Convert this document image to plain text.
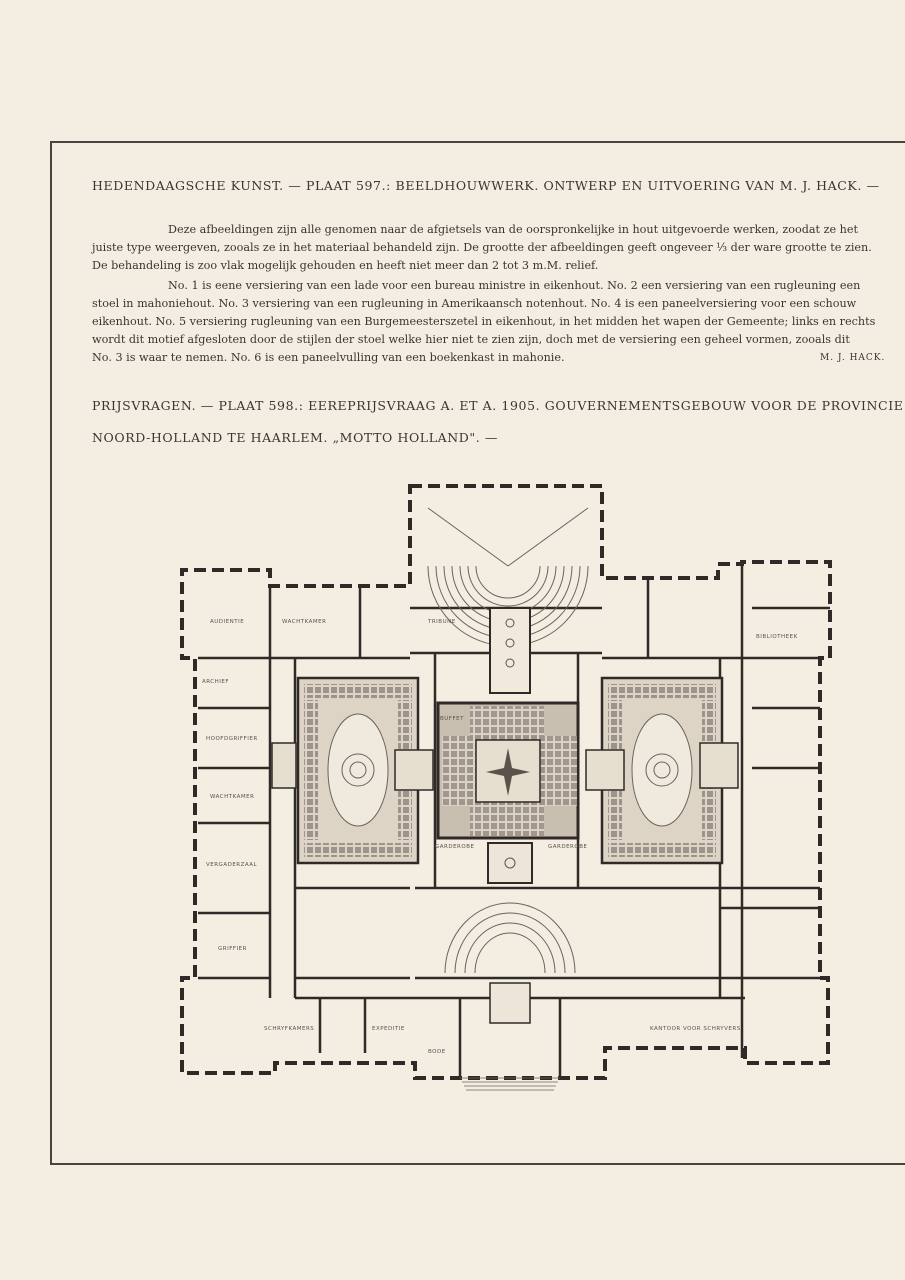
HEDENDAAGSCHE KUNST. — PLAAT 597.: BEELDHOUWWERK. ONTWERP EN UITVOERING VAN M. J. HACK. —
Deze afbeeldingen zijn alle genomen naar de afgietsels van de oorspronkelijke in hout uitgevoerde werken, zoodat ze het
juiste type weergeven, zooals ze in het materiaal behandeld zijn. De grootte der afbeeldingen geeft ongeveer ⅓ der ware grootte te zien.
De behandeling is zoo vlak mogelijk gehouden en heeft niet meer dan 2 tot 3 m.M. relief.
No. 1 is eene versiering van een lade voor een bureau ministre in eikenhout. No. 2 een versiering van een rugleuning een
stoel in mahoniehout. No. 3 versiering van een rugleuning in Amerikaansch notenhout. No. 4 is een paneelversiering voor een schouw
eikenhout. No. 5 versiering rugleuning van een Burgemeesterszetel in eikenhout, in het midden het wapen der Gemeente; links en rechts
wordt dit motief afgesloten door de stijlen der stoel welke hier niet te zien zijn, doch met de versiering een geheel vormen, zooals dit
No. 3 is waar te nemen. No. 6 is een paneelvulling van een boekenkast in mahonie.	M. J. HACK.
PRIJSVRAGEN. — PLAAT 598.: EEREPRIJSVRAAG A. ET A. 1905. GOUVERNEMENTSGEBOUW VOOR DE PROVINCIE
NOORD-HOLLAND TE HAARLEM. „MOTTO HOLLAND". —
AUDIENTIE	WACHTKAMER	TRIBUNE
ARCHIEF
HOOFDGRIFFIER
WACHTKAMER
VERGADERZAAL
GRIFFIER
SCHRYFKAMERS	EXPEDITIE
BUFFET
BODE
GARDEROBE	GARDEROBE
BIBLIOTHEEK
KANTOOR VOOR SCHRYVERS
